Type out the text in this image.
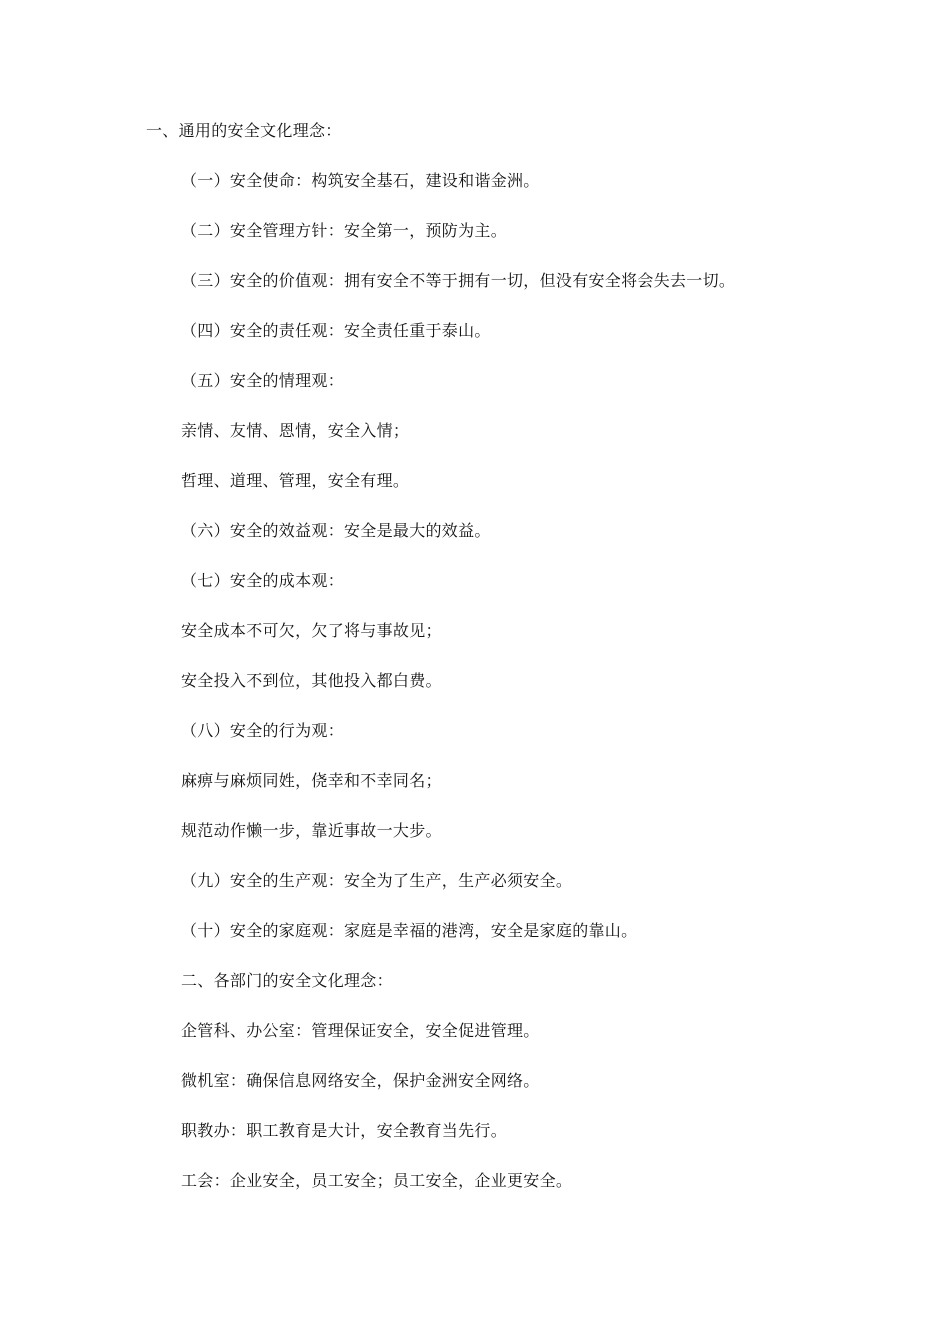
一、通用的安全文化理念：
（一）安全使命：构筑安全基石，建设和谐金洲。
（二）安全管理方针：安全第一，预防为主。
（三）安全的价值观：拥有安全不等于拥有一切，但没有安全将会失去一切。
（四）安全的责任观：安全责任重于泰山。
（五）安全的情理观：
亲情、友情、恩情，安全入情；
哲理、道理、管理，安全有理。
（六）安全的效益观：安全是最大的效益。
（七）安全的成本观：
安全成本不可欠，欠了将与事故见；
安全投入不到位，其他投入都白费。
（八）安全的行为观：
麻痹与麻烦同姓，侥幸和不幸同名；
规范动作懒一步，靠近事故一大步。
（九）安全的生产观：安全为了生产，生产必须安全。
（十）安全的家庭观：家庭是幸福的港湾，安全是家庭的靠山。
二、各部门的安全文化理念：
企管科、办公室：管理保证安全，安全促进管理。
微机室：确保信息网络安全，保护金洲安全网络。
职教办：职工教育是大计，安全教育当先行。
工会：企业安全，员工安全；员工安全，企业更安全。
